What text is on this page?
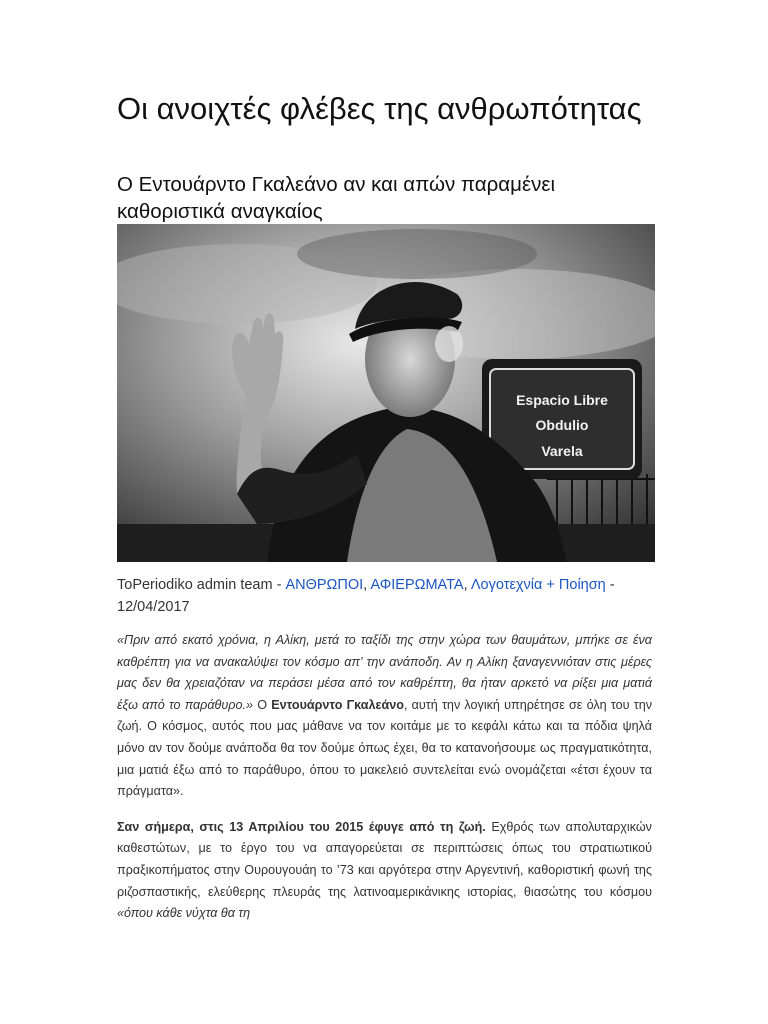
Οι ανοιχτές φλέβες της ανθρωπότητας
Ο Εντουάρντο Γκαλεάνο αν και απών παραμένει καθοριστικά αναγκαίος
Espacio Libre
Obdulio
Varela
ToPeriodiko admin team - ΑΝΘΡΩΠΟΙ, ΑΦΙΕΡΩΜΑΤΑ, Λογοτεχνία + Ποίηση - 12/04/2017

«Πριν από εκατό χρόνια, η Αλίκη, μετά το ταξίδι της στην χώρα των θαυμάτων, μπήκε σε ένα καθρέπτη για να ανακαλύψει τον κόσμο απ’ την ανάποδη. Αν η Αλίκη ξαναγεννιόταν στις μέρες μας δεν θα χρειαζόταν να περάσει μέσα από τον καθρέπτη, θα ήταν αρκετό να ρίξει μια ματιά έξω από το παράθυρο.» Ο Εντουάρντο Γκαλεάνο, αυτή την λογική υπηρέτησε σε όλη του την ζωή. Ο κόσμος, αυτός που μας μάθανε να τον κοιτάμε με το κεφάλι κάτω και τα πόδια ψηλά μόνο αν τον δούμε ανάποδα θα τον δούμε όπως έχει, θα το κατανοήσουμε ως πραγματικότητα, μια ματιά έξω από το παράθυρο, όπου το μακελειό συντελείται ενώ ονομάζεται «έτσι έχουν τα πράγματα».

Σαν σήμερα, στις 13 Απριλίου του 2015 έφυγε από τη ζωή. Εχθρός των απολυταρχικών καθεστώτων, με το έργο του να απαγορεύεται σε περιπτώσεις όπως του στρατιωτικού πραξικοπήματος στην Ουρουγουάη το ’73 και αργότερα στην Αργεντινή, καθοριστική φωνή της ριζοσπαστικής, ελεύθερης πλευράς της λατινοαμερικάνικης ιστορίας, θιασώτης του κόσμου «όπου κάθε νύχτα θα τη
